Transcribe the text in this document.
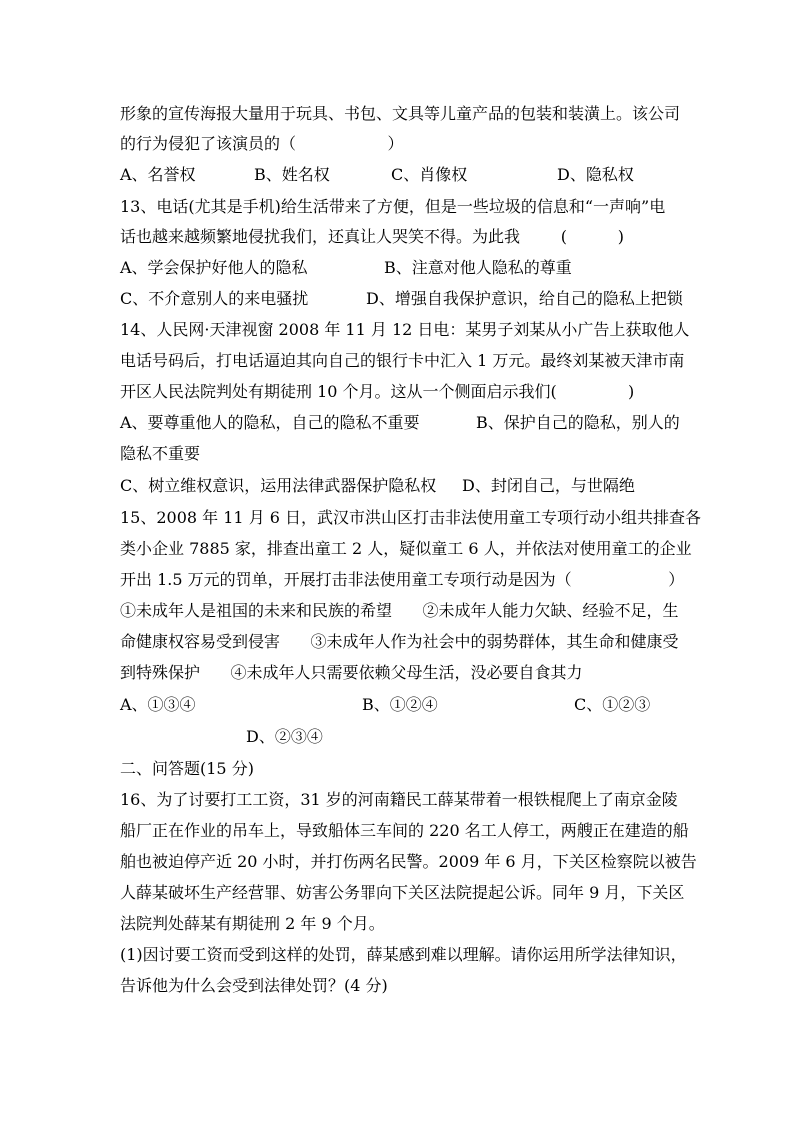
形象的宣传海报大量用于玩具、书包、文具等儿童产品的包装和装潢上。该公司
的行为侵犯了该演员的（                  ）
A、名誉权	B、姓名权	C、肖像权	D、隐私权
13、电话(尤其是手机)给生活带来了方便，但是一些垃圾的信息和“一声响”电
话也越来越频繁地侵扰我们，还真让人哭笑不得。为此我        (          )
A、学会保护好他人的隐私	B、注意对他人隐私的尊重
C、不介意别人的来电骚扰	D、增强自我保护意识，给自己的隐私上把锁
14、人民网·天津视窗 2008 年 11 月 12 日电：某男子刘某从小广告上获取他人
电话号码后，打电话逼迫其向自己的银行卡中汇入 1 万元。最终刘某被天津市南
开区人民法院判处有期徒刑 10 个月。这从一个侧面启示我们(              )
A、要尊重他人的隐私，自己的隐私不重要	B、保护自己的隐私，别人的
隐私不重要
C、树立维权意识，运用法律武器保护隐私权 D、封闭自己，与世隔绝
15、2008 年 11 月 6 日，武汉市洪山区打击非法使用童工专项行动小组共排查各
类小企业 7885 家，排查出童工 2 人，疑似童工 6 人，并依法对使用童工的企业
开出 1.5 万元的罚单，开展打击非法使用童工专项行动是因为（                   ）
①未成年人是祖国的未来和民族的希望      ②未成年人能力欠缺、经验不足，生
命健康权容易受到侵害      ③未成年人作为社会中的弱势群体，其生命和健康受
到特殊保护      ④未成年人只需要依赖父母生活，没必要自食其力
A、①③④	B、①②④	C、①②③
D、②③④
二、问答题(15 分)
16、为了讨要打工工资，31 岁的河南籍民工薛某带着一根铁棍爬上了南京金陵
船厂正在作业的吊车上，导致船体三车间的 220 名工人停工，两艘正在建造的船
舶也被迫停产近 20 小时，并打伤两名民警。2009 年 6 月，下关区检察院以被告
人薛某破坏生产经营罪、妨害公务罪向下关区法院提起公诉。同年 9 月，下关区
法院判处薛某有期徒刑 2 年 9 个月。
(1)因讨要工资而受到这样的处罚，薛某感到难以理解。请你运用所学法律知识，
告诉他为什么会受到法律处罚？(4 分)
